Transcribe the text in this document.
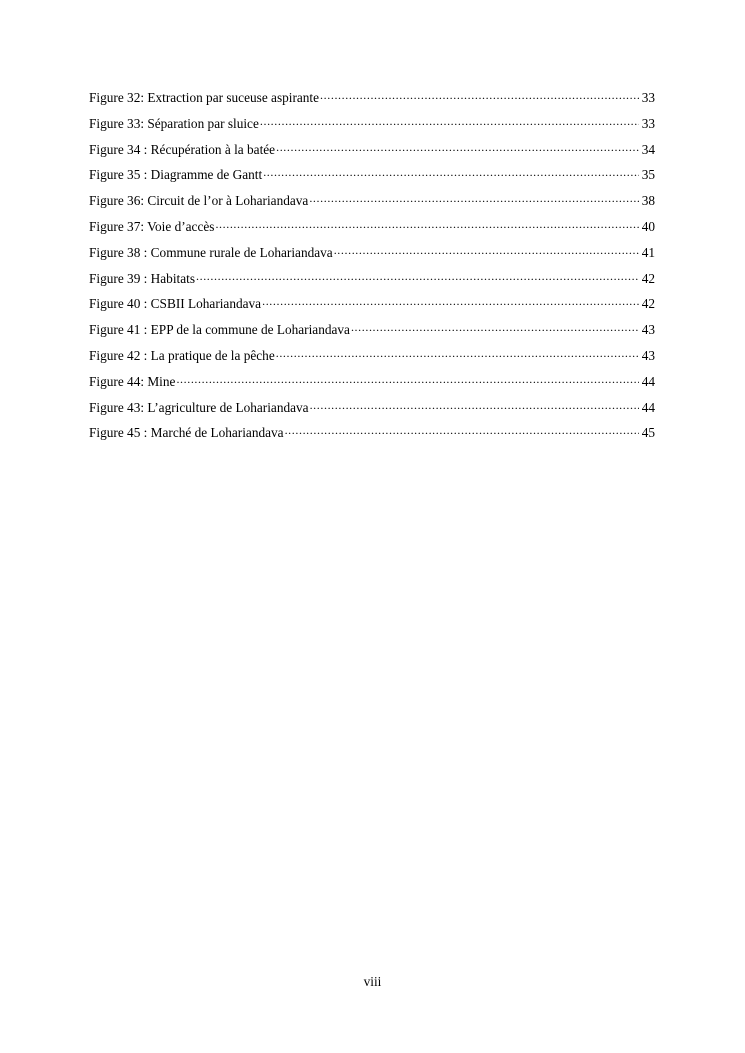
Figure 32: Extraction par suceuse aspirante .....	33
Figure 33: Séparation par sluice .....	33
Figure 34 : Récupération à la batée .....	34
Figure 35 : Diagramme de Gantt .....	35
Figure 36: Circuit de l’or à Lohariandava .....	38
Figure 37: Voie d’accès .....	40
Figure 38 : Commune rurale de Lohariandava .....	41
Figure 39 : Habitats .....	42
Figure 40 : CSBII Lohariandava .....	42
Figure 41 : EPP de la commune de Lohariandava .....	43
Figure 42 : La pratique de la pêche .....	43
Figure 44: Mine .....	44
Figure 43: L’agriculture de Lohariandava .....	44
Figure 45 : Marché de Lohariandava .....	45
viii
